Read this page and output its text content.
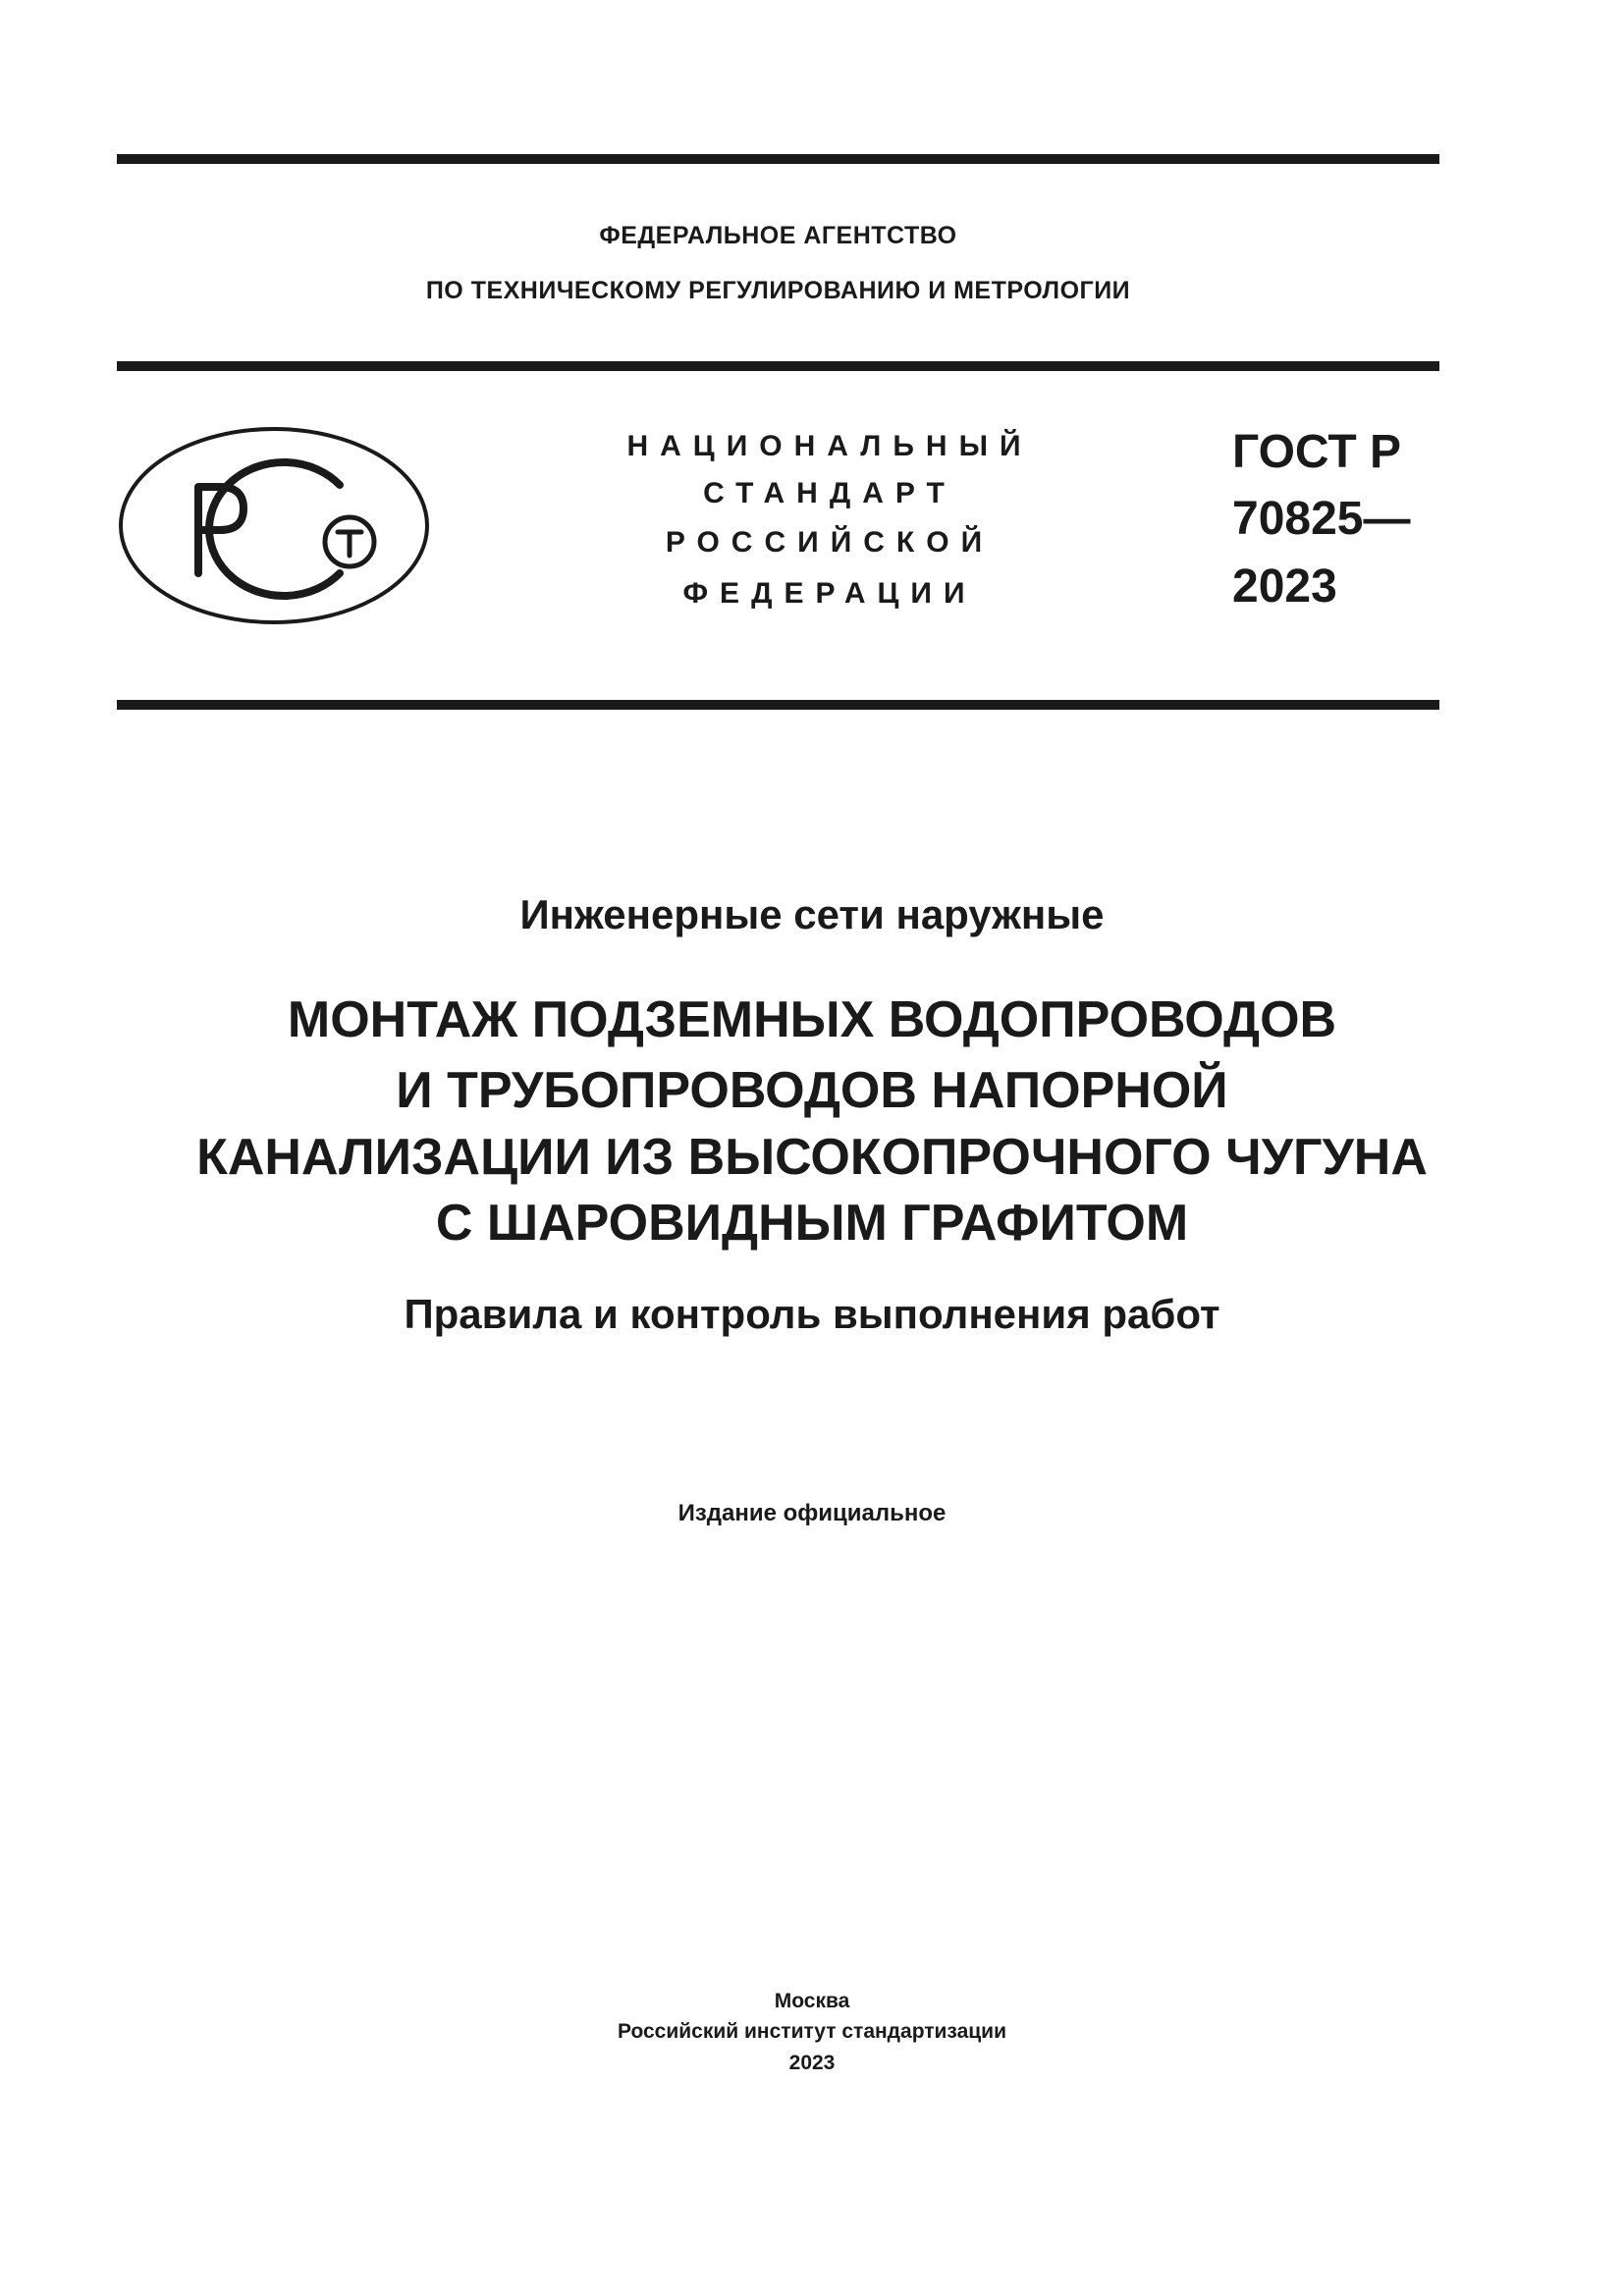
ФЕДЕРАЛЬНОЕ АГЕНТСТВО
ПО ТЕХНИЧЕСКОМУ РЕГУЛИРОВАНИЮ И МЕТРОЛОГИИ
НАЦИОНАЛЬНЫЙ
СТАНДАРТ
РОССИЙСКОЙ
ФЕДЕРАЦИИ
ГОСТ Р
70825—
2023
Инженерные сети наружные
МОНТАЖ ПОДЗЕМНЫХ ВОДОПРОВОДОВ
И ТРУБОПРОВОДОВ НАПОРНОЙ
КАНАЛИЗАЦИИ ИЗ ВЫСОКОПРОЧНОГО ЧУГУНА
С ШАРОВИДНЫМ ГРАФИТОМ
Правила и контроль выполнения работ
Издание официальное
Москва
Российский институт стандартизации
2023
